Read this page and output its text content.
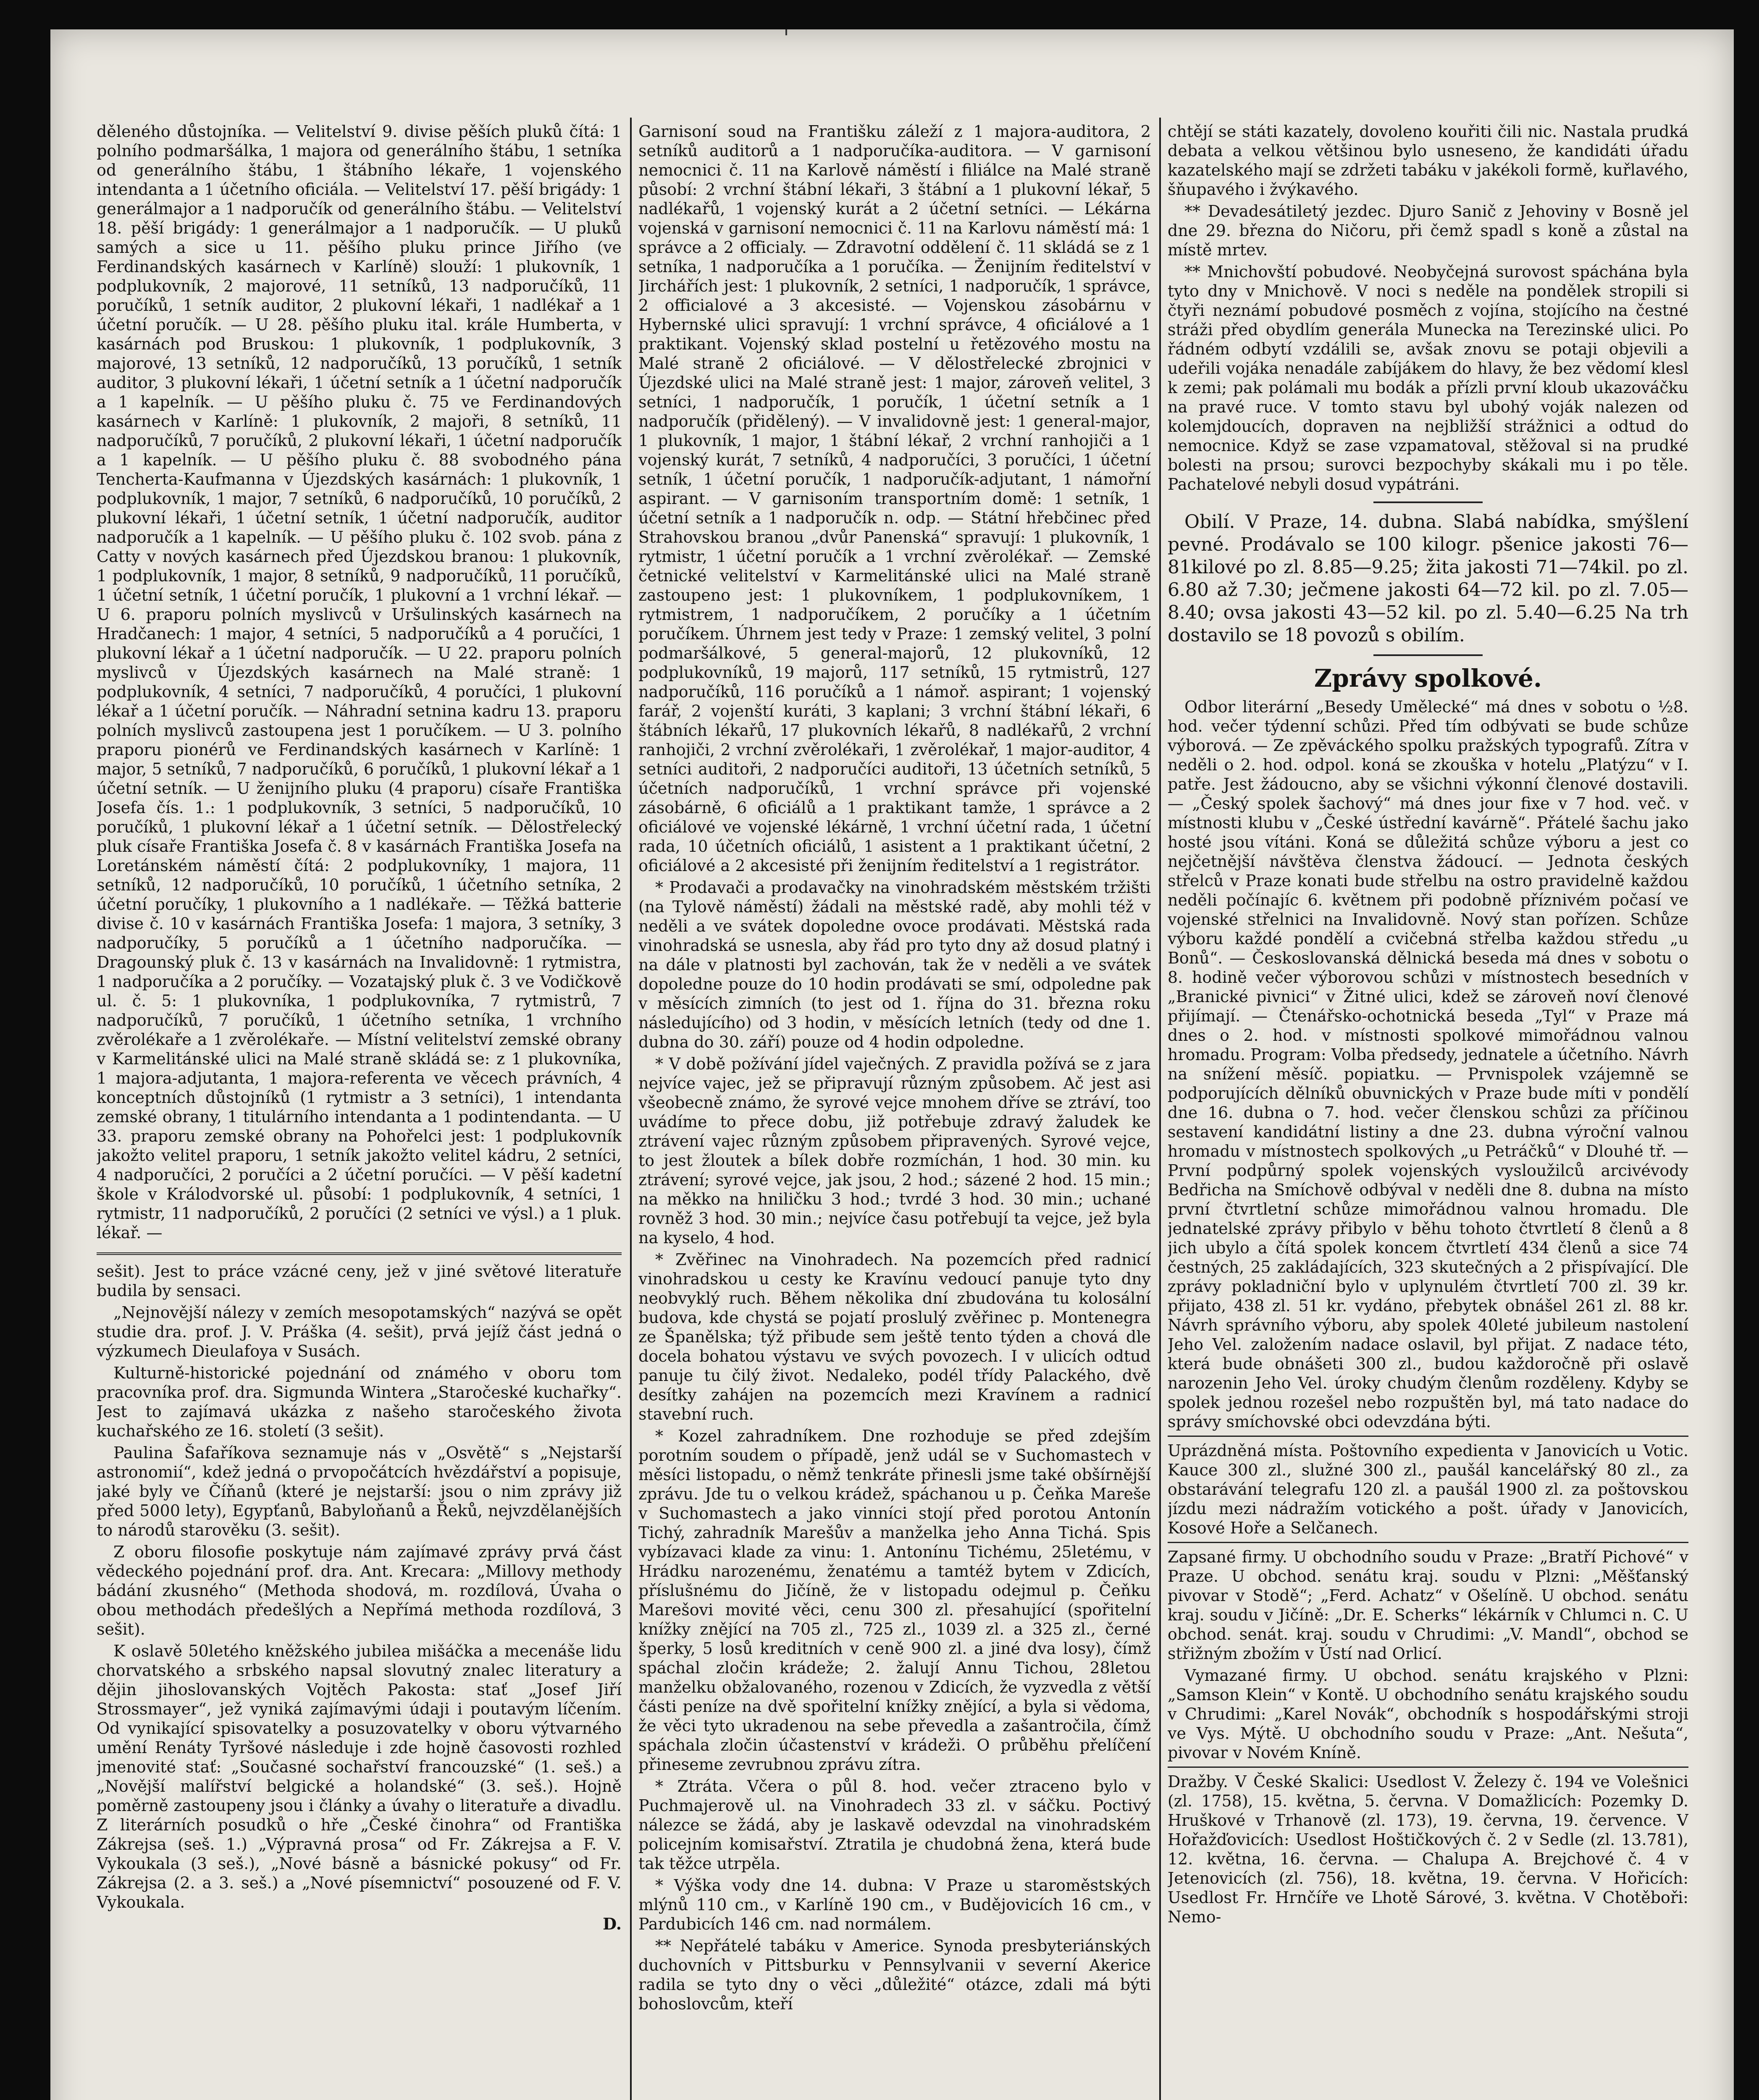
děleného důstojníka. — Velitelství 9. divise pěších pluků čítá: 1 polního podmaršálka, 1 majora od generálního štábu, 1 setníka od generálního štábu, 1 štábního lékaře, 1 vojenského intendanta a 1 účetního oficiála. — Velitelství 17. pěší brigády: 1 generálmajor a 1 nadporučík od generálního štábu. — Velitelství 18. pěší brigády: 1 generálmajor a 1 nadporučík. — U pluků samých a sice u 11. pěšího pluku prince Jiřího (ve Ferdinandských kasárnech v Karlíně) slouží: 1 plukovník, 1 podplukovník, 2 majorové, 11 setníků, 13 nadporučíků, 11 poručíků, 1 setník auditor, 2 plukovní lékaři, 1 nadlékař a 1 účetní poručík. — U 28. pěšího pluku ital. krále Humberta, v kasárnách pod Bruskou: 1 plukovník, 1 podplukovník, 3 majorové, 13 setníků, 12 nadporučíků, 13 poručíků, 1 setník auditor, 3 plukovní lékaři, 1 účetní setník a 1 účetní nadporučík a 1 kapelník. — U pěšího pluku č. 75 ve Ferdinandových kasárnech v Karlíně: 1 plukovník, 2 majoři, 8 setníků, 11 nadporučíků, 7 poručíků, 2 plukovní lékaři, 1 účetní nadporučík a 1 kapelník. — U pěšího pluku č. 88 svobodného pána Tencherta-Kaufmanna v Újezdských kasárnách: 1 plukovník, 1 podplukovník, 1 major, 7 setníků, 6 nadporučíků, 10 poručíků, 2 plukovní lékaři, 1 účetní setník, 1 účetní nadporučík, auditor nadporučík a 1 kapelník. — U pěšího pluku č. 102 svob. pána z Catty v nových kasárnech před Újezdskou branou: 1 plukovník, 1 podplukovník, 1 major, 8 setníků, 9 nadporučíků, 11 poručíků, 1 účetní setník, 1 účetní poručík, 1 plukovní a 1 vrchní lékař. — U 6. praporu polních myslivců v Uršulinských kasárnech na Hradčanech: 1 major, 4 setníci, 5 nadporučíků a 4 poručíci, 1 plukovní lékař a 1 účetní nadporučík. — U 22. praporu polních myslivců v Újezdských kasárnech na Malé straně: 1 podplukovník, 4 setníci, 7 nadporučíků, 4 poručíci, 1 plukovní lékař a 1 účetní poručík. — Náhradní setnina kadru 13. praporu polních myslivců zastoupena jest 1 poručíkem. — U 3. polního praporu pionérů ve Ferdinandských kasárnech v Karlíně: 1 major, 5 setníků, 7 nadporučíků, 6 poručíků, 1 plukovní lékař a 1 účetní setník. — U ženijního pluku (4 praporu) císaře Františka Josefa čís. 1.: 1 podplukovník, 3 setníci, 5 nadporučíků, 10 poručíků, 1 plukovní lékař a 1 účetní setník. — Dělostřelecký pluk císaře Františka Josefa č. 8 v kasárnách Františka Josefa na Loretánském náměstí čítá: 2 podplukovníky, 1 majora, 11 setníků, 12 nadporučíků, 10 poručíků, 1 účetního setníka, 2 účetní poručíky, 1 plukovního a 1 nadlékaře. — Těžká batterie divise č. 10 v kasárnách Františka Josefa: 1 majora, 3 setníky, 3 nadporučíky, 5 poručíků a 1 účetního nadporučíka. — Dragounský pluk č. 13 v kasárnách na Invalidovně: 1 rytmistra, 1 nadporučíka a 2 poručíky. — Vozatajský pluk č. 3 ve Vodičkově ul. č. 5: 1 plukovníka, 1 podplukovníka, 7 rytmistrů, 7 nadporučíků, 7 poručíků, 1 účetního setníka, 1 vrchního zvěrolékaře a 1 zvěrolékaře. — Místní velitelství zemské obrany v Karmelitánské ulici na Malé straně skládá se: z 1 plukovníka, 1 majora-adjutanta, 1 majora-referenta ve věcech právních, 4 konceptních důstojníků (1 rytmistr a 3 setníci), 1 intendanta zemské obrany, 1 titulárního intendanta a 1 podintendanta. — U 33. praporu zemské obrany na Pohořelci jest: 1 podplukovník jakožto velitel praporu, 1 setník jakožto velitel kádru, 2 setníci, 4 nadporučíci, 2 poručíci a 2 účetní poručíci. — V pěší kadetní škole v Králodvorské ul. působí: 1 podplukovník, 4 setníci, 1 rytmistr, 11 nadporučíků, 2 poručíci (2 setníci ve výsl.) a 1 pluk. lékař. —

sešit). Jest to práce vzácné ceny, jež v jiné světové literatuře budila by sensaci.

„Nejnovější nálezy v zemích mesopotamských“ nazývá se opět studie dra. prof. J. V. Práška (4. sešit), prvá jejíž část jedná o výzkumech Dieulafoya v Susách.

Kulturně-historické pojednání od známého v oboru tom pracovníka prof. dra. Sigmunda Wintera „Staročeské kuchařky“. Jest to zajímavá ukázka z našeho staročeského života kuchařského ze 16. století (3 sešit).

Paulina Šafaříkova seznamuje nás v „Osvětě“ s „Nejstarší astronomií“, kdež jedná o prvopočátcích hvězdářství a popisuje, jaké byly ve Číňanů (které je nejstarší: jsou o nim zprávy již před 5000 lety), Egypťanů, Babyloňanů a Řeků, nejvzdělanějších to národů starověku (3. sešit).

Z oboru filosofie poskytuje nám zajímavé zprávy prvá část vědeckého pojednání prof. dra. Ant. Krecara: „Millovy methody bádání zkusného“ (Methoda shodová, m. rozdílová, Úvaha o obou methodách předešlých a Nepřímá methoda rozdílová, 3 sešit).

K oslavě 50letého kněžského jubilea mišáčka a mecenáše lidu chorvatského a srbského napsal slovutný znalec literatury a dějin jihoslovanských Vojtěch Pakosta: stať „Josef Jiří Strossmayer“, jež vyniká zajímavými údaji i poutavým líčením. Od vynikající spisovatelky a posuzovatelky v oboru výtvarného umění Renáty Tyršové následuje i zde hojně časovosti rozhled jmenovité stať: „Současné sochařství francouzské“ (1. seš.) a „Novější malířství belgické a holandské“ (3. seš.). Hojně poměrně zastoupeny jsou i články a úvahy o literatuře a divadlu. Z literárních posudků o hře „České činohra“ od Františka Zákrejsa (seš. 1.) „Výpravná prosa“ od Fr. Zákrejsa a F. V. Vykoukala (3 seš.), „Nové básně a básnické pokusy“ od Fr. Zákrejsa (2. a 3. seš.) a „Nové písemnictví“ posouzené od F. V. Vykoukala.

D.

Garnisoní soud na Františku záleží z 1 majora-auditora, 2 setníků auditorů a 1 nadporučíka-auditora. — V garnisoní nemocnici č. 11 na Karlově náměstí i filiálce na Malé straně působí: 2 vrchní štábní lékaři, 3 štábní a 1 plukovní lékař, 5 nadlékařů, 1 vojenský kurát a 2 účetní setníci. — Lékárna vojenská v garnisoní nemocnici č. 11 na Karlovu náměstí má: 1 správce a 2 officialy. — Zdravotní oddělení č. 11 skládá se z 1 setníka, 1 nadporučíka a 1 poručíka. — Ženijním ředitelství v Jirchářích jest: 1 plukovník, 2 setníci, 1 nadporučík, 1 správce, 2 officialové a 3 akcesisté. — Vojenskou zásobárnu v Hybernské ulici spravují: 1 vrchní správce, 4 oficiálové a 1 praktikant. Vojenský sklad postelní u řetězového mostu na Malé straně 2 oficiálové. — V dělostřelecké zbrojnici v Újezdské ulici na Malé straně jest: 1 major, zároveň velitel, 3 setníci, 1 nadporučík, 1 poručík, 1 účetní setník a 1 nadporučík (přidělený). — V invalidovně jest: 1 general-major, 1 plukovník, 1 major, 1 štábní lékař, 2 vrchní ranhojiči a 1 vojenský kurát, 7 setníků, 4 nadporučíci, 3 poručíci, 1 účetní setník, 1 účetní poručík, 1 nadporučík-adjutant, 1 námořní aspirant. — V garnisoním transportním domě: 1 setník, 1 účetní setník a 1 nadporučík n. odp. — Státní hřebčinec před Strahovskou branou „dvůr Panenská“ spravují: 1 plukovník, 1 rytmistr, 1 účetní poručík a 1 vrchní zvěrolékař. — Zemské četnické velitelství v Karmelitánské ulici na Malé straně zastoupeno jest: 1 plukovníkem, 1 podplukovníkem, 1 rytmistrem, 1 nadporučíkem, 2 poručíky a 1 účetním poručíkem. Úhrnem jest tedy v Praze: 1 zemský velitel, 3 polní podmaršálkové, 5 general-majorů, 12 plukovníků, 12 podplukovníků, 19 majorů, 117 setníků, 15 rytmistrů, 127 nadporučíků, 116 poručíků a 1 námoř. aspirant; 1 vojenský farář, 2 vojenští kuráti, 3 kaplani; 3 vrchní štábní lékaři, 6 štábních lékařů, 17 plukovních lékařů, 8 nadlékařů, 2 vrchní ranhojiči, 2 vrchní zvěrolékaři, 1 zvěrolékař, 1 major-auditor, 4 setníci auditoři, 2 nadporučíci auditoři, 13 účetních setníků, 5 účetních nadporučíků, 1 vrchní správce při vojenské zásobárně, 6 oficiálů a 1 praktikant tamže, 1 správce a 2 oficiálové ve vojenské lékárně, 1 vrchní účetní rada, 1 účetní rada, 10 účetních oficiálů, 1 asistent a 1 praktikant účetní, 2 oficiálové a 2 akcesisté při ženijním ředitelství a 1 registrátor.

* Prodavači a prodavačky na vinohradském městském tržišti (na Tylově náměstí) žádali na městské radě, aby mohli též v neděli a ve svátek dopoledne ovoce prodávati. Městská rada vinohradská se usnesla, aby řád pro tyto dny až dosud platný i na dále v platnosti byl zachován, tak že v neděli a ve svátek dopoledne pouze do 10 hodin prodávati se smí, odpoledne pak v měsících zimních (to jest od 1. října do 31. března roku následujícího) od 3 hodin, v měsících letních (tedy od dne 1. dubna do 30. září) pouze od 4 hodin odpoledne.

* V době požívání jídel vaječných. Z pravidla požívá se z jara nejvíce vajec, jež se připravují různým způsobem. Ač jest asi všeobecně známo, že syrové vejce mnohem dříve se ztráví, too uvádíme to přece dobu, již potřebuje zdravý žaludek ke ztrávení vajec různým způsobem připravených. Syrové vejce, to jest žloutek a bílek dobře rozmíchán, 1 hod. 30 min. ku ztrávení; syrové vejce, jak jsou, 2 hod.; sázené 2 hod. 15 min.; na měkko na hniličku 3 hod.; tvrdé 3 hod. 30 min.; uchané rovněž 3 hod. 30 min.; nejvíce času potřebují ta vejce, jež byla na kyselo, 4 hod.

* Zvěřinec na Vinohradech. Na pozemcích před radnicí vinohradskou u cesty ke Kravínu vedoucí panuje tyto dny neobvyklý ruch. Během několika dní zbudována tu kolosální budova, kde chystá se pojatí proslulý zvěřinec p. Montenegra ze Španělska; týž přibude sem ještě tento týden a chová dle docela bohatou výstavu ve svých povozech. I v ulicích odtud panuje tu čilý život. Nedaleko, podél třídy Palackého, dvě desítky zahájen na pozemcích mezi Kravínem a radnicí stavební ruch.

* Kozel zahradníkem. Dne rozhoduje se před zdejším porotním soudem o případě, jenž udál se v Suchomastech v měsíci listopadu, o němž tenkráte přinesli jsme také obšírnější zprávu. Jde tu o velkou krádež, spáchanou u p. Čeňka Mareše v Suchomastech a jako vinníci stojí před porotou Antonín Tichý, zahradník Marešův a manželka jeho Anna Tichá. Spis vybízavaci klade za vinu: 1. Antonínu Tichému, 25letému, v Hrádku narozenému, ženatému a tamtéž bytem v Zdicích, příslušnému do Jičíně, že v listopadu odejmul p. Čeňku Marešovi movité věci, cenu 300 zl. přesahující (spořitelní knížky znějící na 705 zl., 725 zl., 1039 zl. a 325 zl., černé šperky, 5 losů kreditních v ceně 900 zl. a jiné dva losy), čímž spáchal zločin krádeže; 2. žalují Annu Tichou, 28letou manželku obžalovaného, rozenou v Zdicích, že vyzvedla z větší části peníze na dvě spořitelní knížky znějící, a byla si vědoma, že věci tyto ukradenou na sebe převedla a zašantročila, čímž spáchala zločin účastenství v krádeži. O průběhu přelíčení přineseme zevrubnou zprávu zítra.

* Ztráta. Včera o půl 8. hod. večer ztraceno bylo v Puchmajerově ul. na Vinohradech 33 zl. v sáčku. Poctivý nálezce se žádá, aby je laskavě odevzdal na vinohradském policejním komisařství. Ztratila je chudobná žena, která bude tak těžce utrpěla.

* Výška vody dne 14. dubna: V Praze u staroměstských mlýnů 110 cm., v Karlíně 190 cm., v Budějovicích 16 cm., v Pardubicích 146 cm. nad normálem.

** Nepřátelé tabáku v Americe. Synoda presbyteriánských duchovních v Pittsburku v Pennsylvanii v severní Akerice radila se tyto dny o věci „důležité“ otázce, zdali má býti bohoslovcům, kteří

chtějí se státi kazately, dovoleno kouřiti čili nic. Nastala prudká debata a velkou většinou bylo usneseno, že kandidáti úřadu kazatelského mají se zdržeti tabáku v jakékoli formě, kuřlavého, šňupavého i žvýkavého.

** Devadesátiletý jezdec. Djuro Sanič z Jehoviny v Bosně jel dne 29. března do Ničoru, při čemž spadl s koně a zůstal na místě mrtev.

** Mnichovští pobudové. Neobyčejná surovost spáchána byla tyto dny v Mnichově. V noci s neděle na pondělek stropili si čtyři neznámí pobudové posměch z vojína, stojícího na čestné stráži před obydlím generála Munecka na Terezinské ulici. Po řádném odbytí vzdálili se, avšak znovu se potaji objevili a udeřili vojáka nenadále zabíjákem do hlavy, že bez vědomí klesl k zemi; pak polámali mu bodák a přízli první kloub ukazováčku na pravé ruce. V tomto stavu byl ubohý voják nalezen od kolemjdoucích, dopraven na nejbližší strážnici a odtud do nemocnice. Když se zase vzpamatoval, stěžoval si na prudké bolesti na prsou; surovci bezpochyby skákali mu i po těle. Pachatelové nebyli dosud vypátráni.

Obilí. V Praze, 14. dubna. Slabá nabídka, smýšlení pevné. Prodávalo se 100 kilogr. pšenice jakosti 76—81kilové po zl. 8.85—9.25; žita jakosti 71—74kil. po zl. 6.80 až 7.30; ječmene jakosti 64—72 kil. po zl. 7.05—8.40; ovsa jakosti 43—52 kil. po zl. 5.40—6.25 Na trh dostavilo se 18 povozů s obilím.

Zprávy spolkové.

Odbor literární „Besedy Umělecké“ má dnes v sobotu o ½8. hod. večer týdenní schůzi. Před tím odbývati se bude schůze výborová. — Ze zpěváckého spolku pražských typografů. Zítra v neděli o 2. hod. odpol. koná se zkouška v hotelu „Platýzu“ v I. patře. Jest žádoucno, aby se všichni výkonní členové dostavili. — „Český spolek šachový“ má dnes jour fixe v 7 hod. več. v místnosti klubu v „České ústřední kavárně“. Přátelé šachu jako hosté jsou vítáni. Koná se důležitá schůze výboru a jest co nejčetnější návštěva členstva žádoucí. — Jednota českých střelců v Praze konati bude střelbu na ostro pravidelně každou neděli počínajíc 6. květnem při podobně příznivém počasí ve vojenské střelnici na Invalidovně. Nový stan pořízen. Schůze výboru každé pondělí a cvičebná střelba každou středu „u Bonů“. — Českoslovanská dělnická beseda má dnes v sobotu o 8. hodině večer výborovou schůzi v místnostech besedních v „Branické pivnici“ v Žitné ulici, kdež se zároveň noví členové přijímají. — Čtenářsko-ochotnická beseda „Tyl“ v Praze má dnes o 2. hod. v místnosti spolkové mimořádnou valnou hromadu. Program: Volba předsedy, jednatele a účetního. Návrh na snížení měsíč. popiatku. — Prvnispolek vzájemně se podporujících dělníků obuvnických v Praze bude míti v pondělí dne 16. dubna o 7. hod. večer členskou schůzi za příčinou sestavení kandidátní listiny a dne 23. dubna výroční valnou hromadu v místnostech spolkových „u Petráčků“ v Dlouhé tř. — První podpůrný spolek vojenských vysloužilců arcivévody Bedřicha na Smíchově odbýval v neděli dne 8. dubna na místo první čtvrtletní schůze mimořádnou valnou hromadu. Dle jednatelské zprávy přibylo v běhu tohoto čtvrtletí 8 členů a 8 jich ubylo a čítá spolek koncem čtvrtletí 434 členů a sice 74 čestných, 25 zakládajících, 323 skutečných a 2 přispívající. Dle zprávy pokladniční bylo v uplynulém čtvrtletí 700 zl. 39 kr. přijato, 438 zl. 51 kr. vydáno, přebytek obnášel 261 zl. 88 kr. Návrh správního výboru, aby spolek 40leté jubileum nastolení Jeho Vel. založením nadace oslavil, byl přijat. Z nadace této, která bude obnášeti 300 zl., budou každoročně při oslavě narozenin Jeho Vel. úroky chudým členům rozděleny. Kdyby se spolek jednou rozešel nebo rozpuštěn byl, má tato nadace do správy smíchovské obci odevzdána býti.

Uprázdněná místa. Poštovního expedienta v Janovicích u Votic. Kauce 300 zl., služné 300 zl., paušál kancelářský 80 zl., za obstarávání telegrafu 120 zl. a paušál 1900 zl. za poštovskou jízdu mezi nádražím votického a pošt. úřady v Janovicích, Kosové Hoře a Selčanech.

Zapsané firmy. U obchodního soudu v Praze: „Bratří Pichové“ v Praze. U obchod. senátu kraj. soudu v Plzni: „Měšťanský pivovar v Stodě“; „Ferd. Achatz“ v Ošelíně. U obchod. senátu kraj. soudu v Jičíně: „Dr. E. Scherks“ lékárník v Chlumci n. C. U obchod. senát. kraj. soudu v Chrudimi: „V. Mandl“, obchod se střižným zbožím v Ústí nad Orlicí.

Vymazané firmy. U obchod. senátu krajského v Plzni: „Samson Klein“ v Kontě. U obchodního senátu krajského soudu v Chrudimi: „Karel Novák“, obchodník s hospodářskými stroji ve Vys. Mýtě. U obchodního soudu v Praze: „Ant. Nešuta“, pivovar v Novém Kníně.

Dražby. V České Skalici: Usedlost V. Železy č. 194 ve Volešnici (zl. 1758), 15. května, 5. června. V Domažlicích: Pozemky D. Hruškové v Trhanově (zl. 173), 19. června, 19. července. V Hořažďovicích: Usedlost Hoštičkových č. 2 v Sedle (zl. 13.781), 12. května, 16. června. — Chalupa A. Brejchové č. 4 v Jetenovicích (zl. 756), 18. května, 19. června. V Hořicích: Usedlost Fr. Hrnčíře ve Lhotě Sárové, 3. května. V Chotěboři: Nemo-
